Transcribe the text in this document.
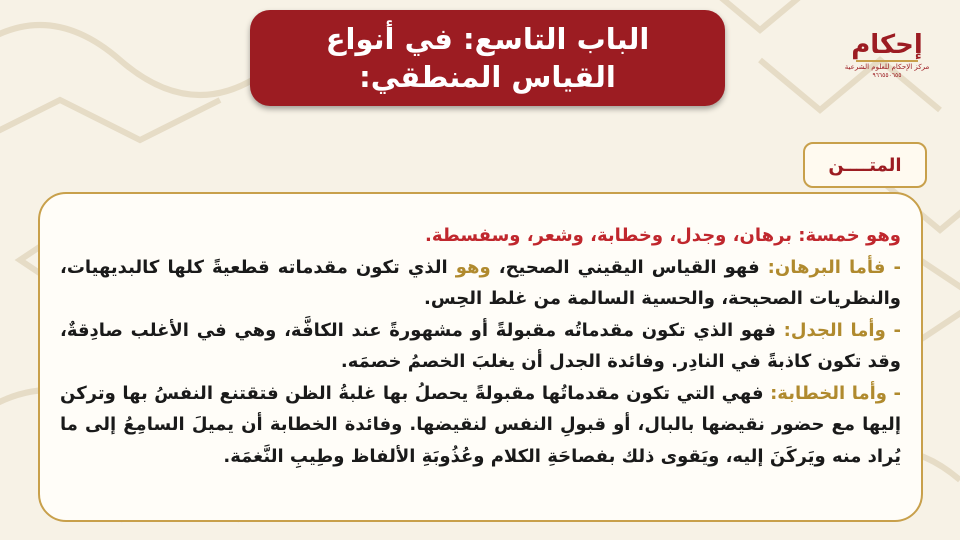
الباب التاسع: في أنواع
القياس المنطقي:
إحكام
مركز الإحكام للعلوم الشرعية
٩٦٦٥٥٠٦٥٥
المتــــن

وهو خمسة: برهان، وجدل، وخطابة، وشعر، وسفسطة.

- فأما البرهان: فهو القياس اليقيني الصحيح، وهو الذي تكون مقدماته قطعيةً كلها كالبديهيات، والنظريات الصحيحة، والحسية السالمة من غلط الحِس.

- وأما الجدل: فهو الذي تكون مقدماتُه مقبولةً أو مشهورةً عند الكافَّة، وهي في الأغلب صادِقةٌ، وقد تكون كاذبةً في النادِر. وفائدة الجدل أن يغلبَ الخصمُ خصمَه.

- وأما الخطابة: فهي التي تكون مقدماتُها مقبولةً يحصلُ بها غلبةُ الظن فتقتنع النفسُ بها وتركن إليها مع حضور نقيضها بالبال، أو قبولِ النفس لنقيضها. وفائدة الخطابة أن يميلَ السامِعُ إلى ما يُراد منه ويَركَنَ إليه، ويَقوى ذلك بفصاحَةِ الكلام وعُذُوبَةِ الألفاظ وطِيبِ النَّغمَة.
